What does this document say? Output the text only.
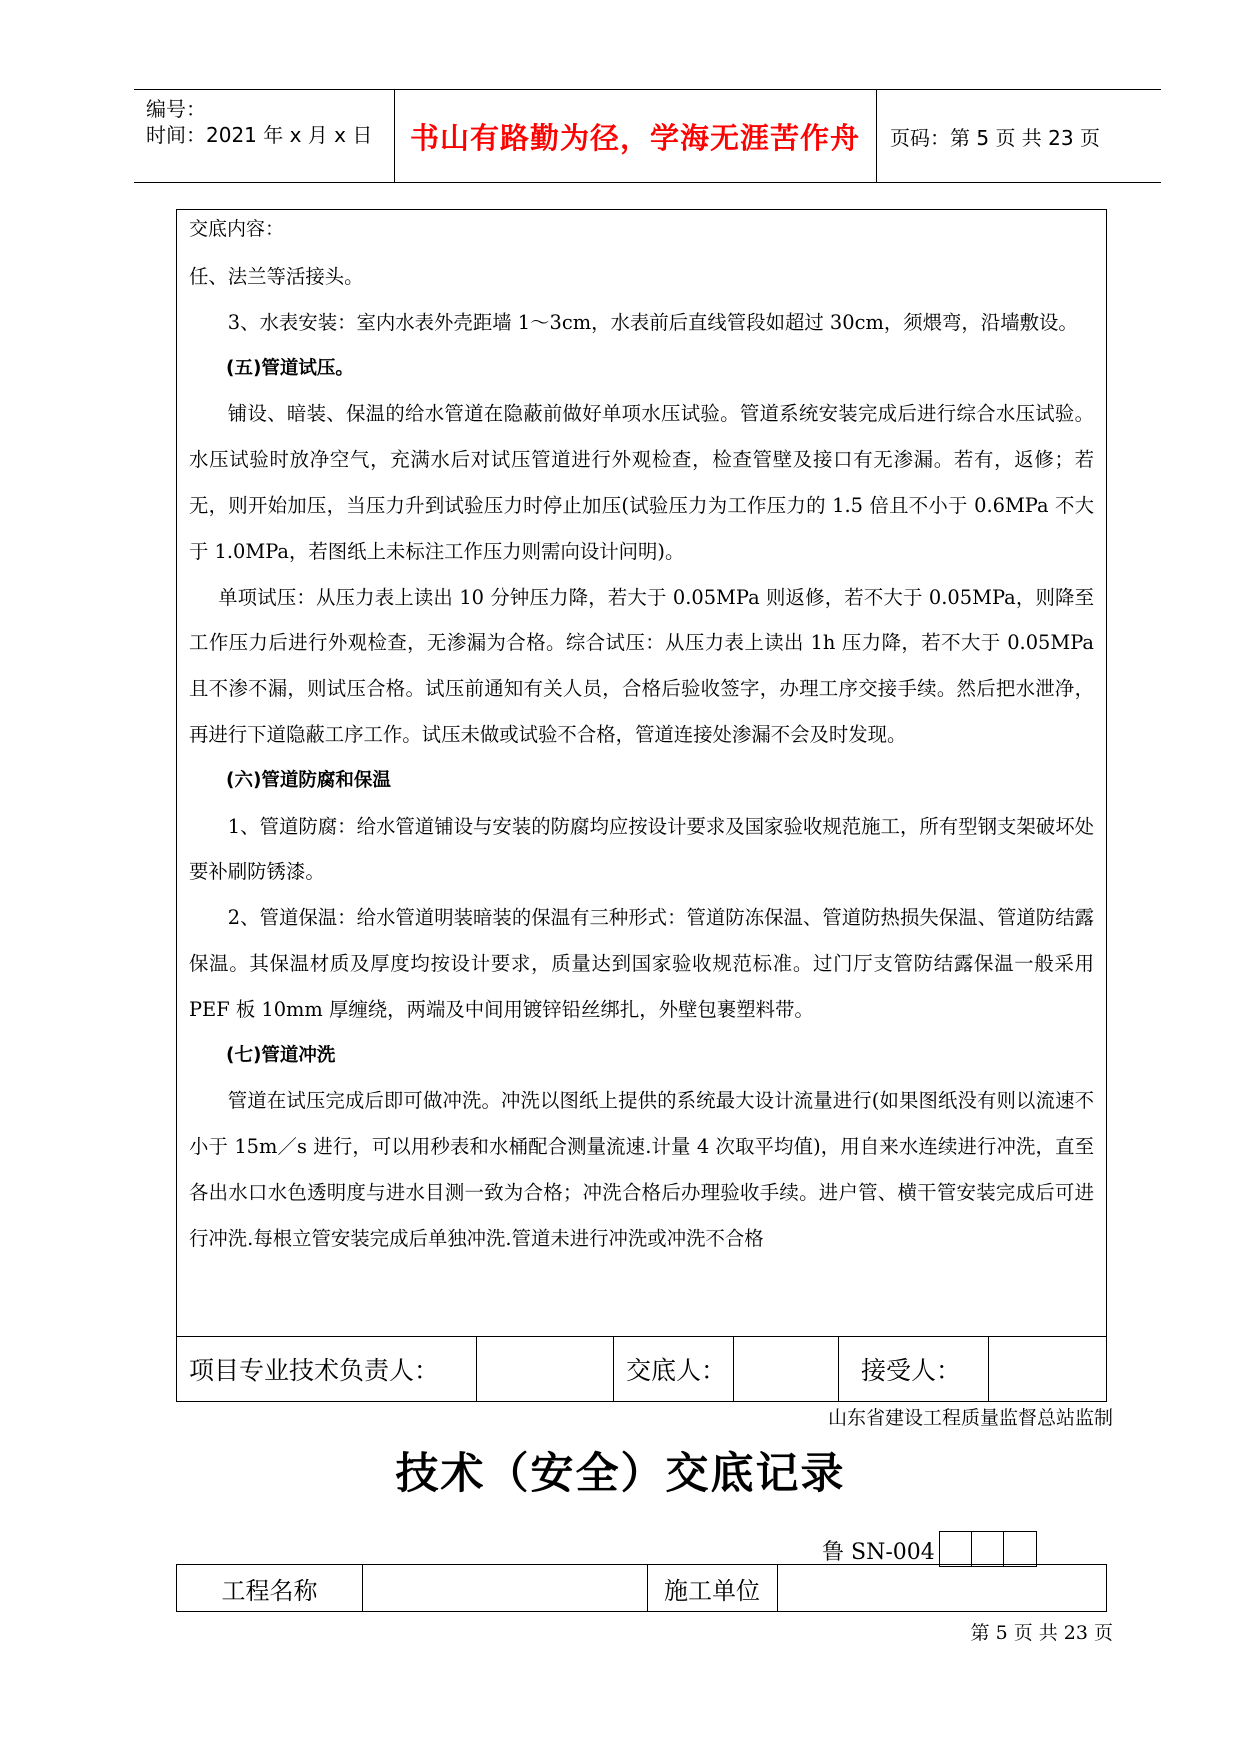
编号：
时间：2021 年 x 月 x 日	书山有路勤为径，学海无涯苦作舟	页码：第 5 页 共 23 页
交底内容：

任、法兰等活接头。

3、水表安装：室内水表外壳距墙 1～3cm，水表前后直线管段如超过 30cm，须煨弯，沿墙敷设。

(五)管道试压。

铺设、暗装、保温的给水管道在隐蔽前做好单项水压试验。管道系统安装完成后进行综合水压试验。水压试验时放净空气，充满水后对试压管道进行外观检查，检查管壁及接口有无渗漏。若有，返修；若无，则开始加压，当压力升到试验压力时停止加压(试验压力为工作压力的 1.5 倍且不小于 0.6MPa 不大于 1.0MPa，若图纸上未标注工作压力则需向设计问明)。

单项试压：从压力表上读出 10 分钟压力降，若大于 0.05MPa 则返修，若不大于 0.05MPa，则降至工作压力后进行外观检查，无渗漏为合格。综合试压：从压力表上读出 1h 压力降，若不大于 0.05MPa 且不渗不漏，则试压合格。试压前通知有关人员，合格后验收签字，办理工序交接手续。然后把水泄净，再进行下道隐蔽工序工作。试压未做或试验不合格，管道连接处渗漏不会及时发现。

(六)管道防腐和保温

1、管道防腐：给水管道铺设与安装的防腐均应按设计要求及国家验收规范施工，所有型钢支架破坏处要补刷防锈漆。

2、管道保温：给水管道明装暗装的保温有三种形式：管道防冻保温、管道防热损失保温、管道防结露保温。其保温材质及厚度均按设计要求，质量达到国家验收规范标准。过门厅支管防结露保温一般采用 PEF 板 10mm 厚缠绕，两端及中间用镀锌铅丝绑扎，外壁包裹塑料带。

(七)管道冲洗

管道在试压完成后即可做冲洗。冲洗以图纸上提供的系统最大设计流量进行(如果图纸没有则以流速不小于 15m／s 进行，可以用秒表和水桶配合测量流速.计量 4 次取平均值)，用自来水连续进行冲洗，直至各出水口水色透明度与进水目测一致为合格；冲洗合格后办理验收手续。进户管、横干管安装完成后可进行冲洗.每根立管安装完成后单独冲洗.管道未进行冲洗或冲洗不合格

项目专业技术负责人：	交底人：	接受人：
山东省建设工程质量监督总站监制
技术（安全）交底记录
鲁 SN-004
工程名称	施工单位
第 5 页 共 23 页
